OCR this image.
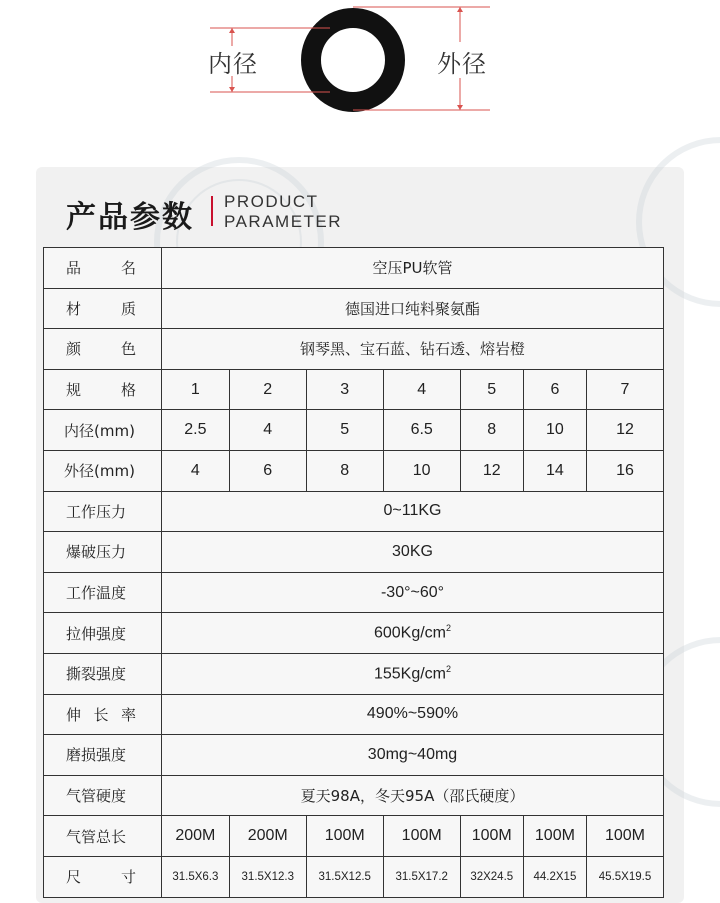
内径	外径
产品参数 PRODUCT
PARAMETER
品 名	空压PU软管						

材 质	德国进口纯料聚氨酯						

颜 色	钢琴黑、宝石蓝、钻石透、熔岩橙						

规 格	1	2	3	4	5	6	7
内径(mm)	2.5	4	5	6.5	8	10	12
外径(mm)	4	6	8	10	12	14	16
工作压力	0~11KG						
爆破压力	30KG						
工作温度	-30°~60°						
拉伸强度	$600Kg/cm^2$
撕裂强度	$155Kg/cm^2$

伸 长 率	490%~590%						
磨损强度	30mg~40mg						
气管硬度	夏天98A，冬天95A（邵氏硬度）						
气管总长	200M	200M	100M	100M	100M	100M	100M

尺 寸	31.5X6.3	31.5X12.3	31.5X12.5	31.5X17.2	32X24.5	44.2X15	45.5X19.5
